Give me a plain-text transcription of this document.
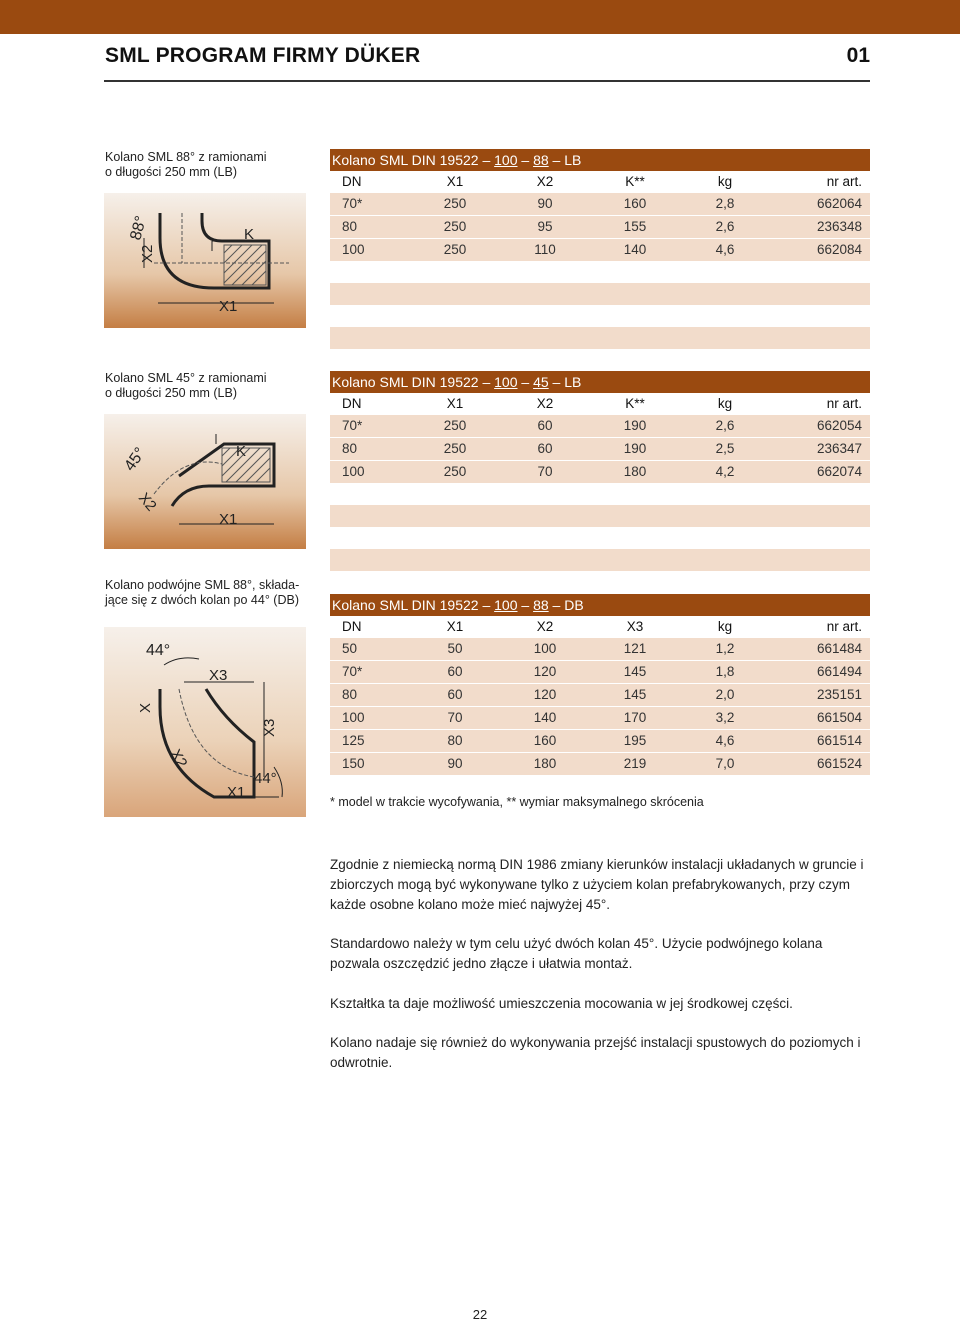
SML PROGRAM FIRMY DÜKER	01
Kolano SML 88° z ramionami
o długości 250 mm (LB)
88°
X2
K
X1
Kolano SML DIN 19522 – 100 – 88 – LB
DN	X1	X2	K**	kg	nr art.
70*	250	90	160	2,8	662064
80	250	95	155	2,6	236348
100	250	110	140	4,6	662084
Kolano SML 45° z ramionami
o długości 250 mm (LB)
45°
X2
K
X1
Kolano SML DIN 19522 – 100 – 45 – LB
DN	X1	X2	K**	kg	nr art.
70*	250	60	190	2,6	662054
80	250	60	190	2,5	236347
100	250	70	180	4,2	662074
Kolano podwójne SML 88°, składa-
jące się z dwóch kolan po 44° (DB)
44°
X
X3
X3
X2
44°
X1
Kolano SML DIN 19522 – 100 – 88 – DB
DN	X1	X2	X3	kg	nr art.
50	50	100	121	1,2	661484
70*	60	120	145	1,8	661494
80	60	120	145	2,0	235151
100	70	140	170	3,2	661504
125	80	160	195	4,6	661514
150	90	180	219	7,0	661524
* model w trakcie wycofywania, ** wymiar maksymalnego skrócenia
Zgodnie z niemiecką normą DIN 1986 zmiany kierunków instalacji układanych w gruncie i zbiorczych mogą być wykonywane tylko z użyciem kolan prefabrykowanych, przy czym każde osobne kolano może mieć najwyżej 45°.
Standardowo należy w tym celu użyć dwóch kolan 45°. Użycie podwójnego kolana pozwala oszczędzić jedno złącze i ułatwia montaż.
Kształtka ta daje możliwość umieszczenia mocowania w jej środkowej części.
Kolano nadaje się również do wykonywania przejść instalacji spustowych do poziomych i odwrotnie.
22
